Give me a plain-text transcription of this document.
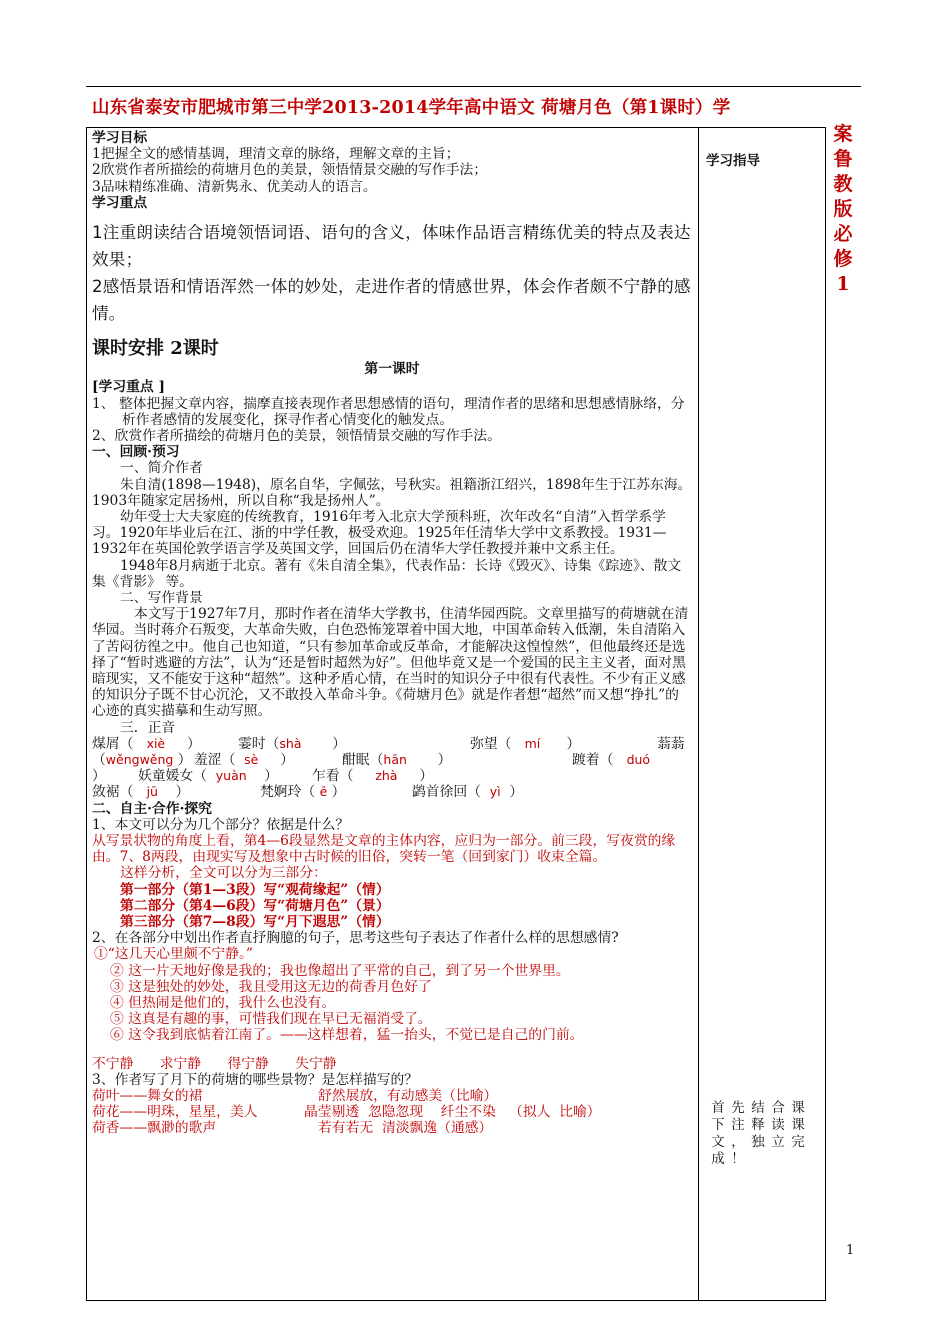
山东省泰安市肥城市第三中学2013-2014学年高中语文 荷塘月色（第1课时）学
案
鲁
教
版
必
修
1
学习指导
首
下
文
成
先
注
，
！
结
释
独
合
读
立
课
课
完

学习目标

1把握全文的感情基调，理清文章的脉络，理解文章的主旨；

2欣赏作者所描绘的荷塘月色的美景，领悟情景交融的写作手法；

3品味精练准确、清新隽永、优美动人的语言。

学习重点

1注重朗读结合语境领悟词语、语句的含义，体味作品语言精练优美的特点及表达效果；

2感悟景语和情语浑然一体的妙处，走进作者的情感世界，体会作者颇不宁静的感情。

课时安排 2课时

第一课时

[学习重点 ]

1、 整体把握文章内容，揣摩直接表现作者思想感情的语句，理清作者的思绪和思想感情脉络，分析作者感情的发展变化，探寻作者心情变化的触发点。

2、欣赏作者所描绘的荷塘月色的美景，领悟情景交融的写作手法。

一、回顾·预习

一、简介作者

朱自清(1898—1948)，原名自华，字佩弦，号秋实。祖籍浙江绍兴，1898年生于江苏东海。1903年随家定居扬州，所以自称“我是扬州人”。

幼年受士大夫家庭的传统教育，1916年考入北京大学预科班，次年改名“自清”入哲学系学习。1920年毕业后在江、浙的中学任教，极受欢迎。1925年任清华大学中文系教授。1931—1932年在英国伦敦学语言学及英国文学，回国后仍在清华大学任教授并兼中文系主任。

1948年8月病逝于北京。著有《朱自清全集》，代表作品：长诗《毁灭》、诗集《踪迹》、散文集《背影》 等。

二、写作背景

本文写于1927年7月，那时作者在清华大学教书，住清华园西院。文章里描写的荷塘就在清华园。当时蒋介石叛变，大革命失败，白色恐怖笼罩着中国大地，中国革命转入低潮，朱自清陷入了苦闷彷徨之中。他自己也知道，“只有参加革命或反革命，才能解决这惶惶然”，但他最终还是选择了“暂时逃避的方法”，认为“还是暂时超然为好”。但他毕竟又是一个爱国的民主主义者，面对黑暗现实，又不能安于这种“超然”。这种矛盾心情，在当时的知识分子中很有代表性。不少有正义感的知识分子既不甘心沉沦，又不敢投入革命斗争。《荷塘月色》就是作者想“超然”而又想“挣扎”的心迹的真实描摹和生动写照。

三．正音

煤屑（ xiè     ）	霎时（shà       ）	弥望（ mí      ）	蓊蓊
（wěngwěng ） 羞涩（ sè     ）	酣眠（hān       ）	踱着（ duó
） 妖童媛女（ yuàn    ） 乍看（ zhà     ）
敛裾（ jū    ）	梵婀玲（ ē ）	鹢首徐回（ yì  ）

二、自主·合作·探究

1、本文可以分为几个部分？依据是什么？

从写景状物的角度上看，第4—6段显然是文章的主体内容，应归为一部分。前三段，写夜赏的缘由。7、8两段，由现实写及想象中古时候的旧俗，突转一笔（回到家门）收束全篇。

这样分析，全文可以分为三部分：

第一部分（第1—3段）写“观荷缘起”（情）

第二部分（第4—6段）写“荷塘月色”（景）

第三部分（第7—8段）写“月下遐思”（情）

2、在各部分中划出作者直抒胸臆的句子，思考这些句子表达了作者什么样的思想感情?

①“这几天心里颇不宁静。”

② 这一片天地好像是我的；我也像超出了平常的自己，到了另一个世界里。

③ 这是独处的妙处，我且受用这无边的荷香月色好了

④ 但热闹是他们的，我什么也没有。

⑤ 这真是有趣的事，可惜我们现在早已无福消受了。

⑥ 这令我到底惦着江南了。——这样想着，猛一抬头，不觉已是自己的门前。

不宁静 求宁静 得宁静 失宁静

3、作者写了月下的荷塘的哪些景物？是怎样描写的？

荷叶——舞女的裙	舒然展放，有动感美（比喻）
荷花——明珠，星星，美人	晶莹剔透  忽隐忽现    纤尘不染   （拟人  比喻）
荷香——飘渺的歌声	若有若无  清淡飘逸（通感）
1
